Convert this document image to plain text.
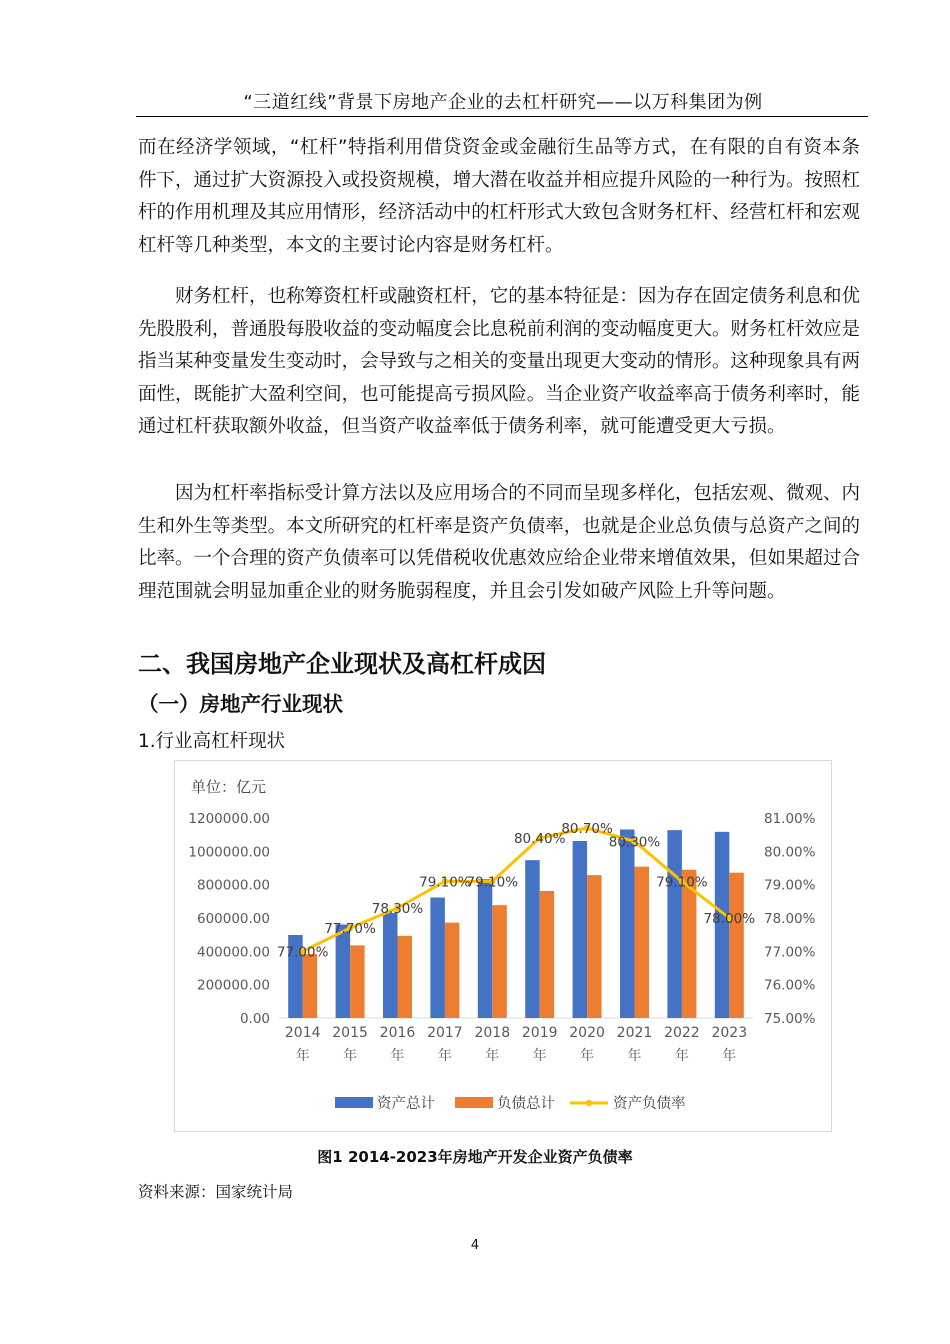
“三道红线”背景下房地产企业的去杠杆研究——以万科集团为例

而在经济学领域，“杠杆”特指利用借贷资金或金融衍生品等方式，在有限的自有资本条件下，通过扩大资源投入或投资规模，增大潜在收益并相应提升风险的一种行为。按照杠杆的作用机理及其应用情形，经济活动中的杠杆形式大致包含财务杠杆、经营杠杆和宏观杠杆等几种类型，本文的主要讨论内容是财务杠杆。

财务杠杆，也称筹资杠杆或融资杠杆，它的基本特征是：因为存在固定债务利息和优先股股利，普通股每股收益的变动幅度会比息税前利润的变动幅度更大。财务杠杆效应是指当某种变量发生变动时，会导致与之相关的变量出现更大变动的情形。这种现象具有两面性，既能扩大盈利空间，也可能提高亏损风险。当企业资产收益率高于债务利率时，能通过杠杆获取额外收益，但当资产收益率低于债务利率，就可能遭受更大亏损。

因为杠杆率指标受计算方法以及应用场合的不同而呈现多样化，包括宏观、微观、内生和外生等类型。本文所研究的杠杆率是资产负债率，也就是企业总负债与总资产之间的比率。一个合理的资产负债率可以凭借税收优惠效应给企业带来增值效果，但如果超过合理范围就会明显加重企业的财务脆弱程度，并且会引发如破产风险上升等问题。

二、我国房地产企业现状及高杠杆成因
（一）房地产行业现状
1.行业高杠杆现状
单位：亿元
0.00
200000.00
400000.00
600000.00
800000.00
1000000.00
1200000.00
75.00%
76.00%
77.00%
78.00%
79.00%
80.00%
81.00%
2014
年
2015
年
2016
年
2017
年
2018
年
2019
年
2020
年
2021
年
2022
年
2023
年
77.00%
77.70%
78.30%
79.10%
79.10%
80.40%
80.70%
80.30%
79.10%
78.00%
资产总计	负债总计	资产负债率
图1 2014-2023年房地产开发企业资产负债率
资料来源：国家统计局
4
